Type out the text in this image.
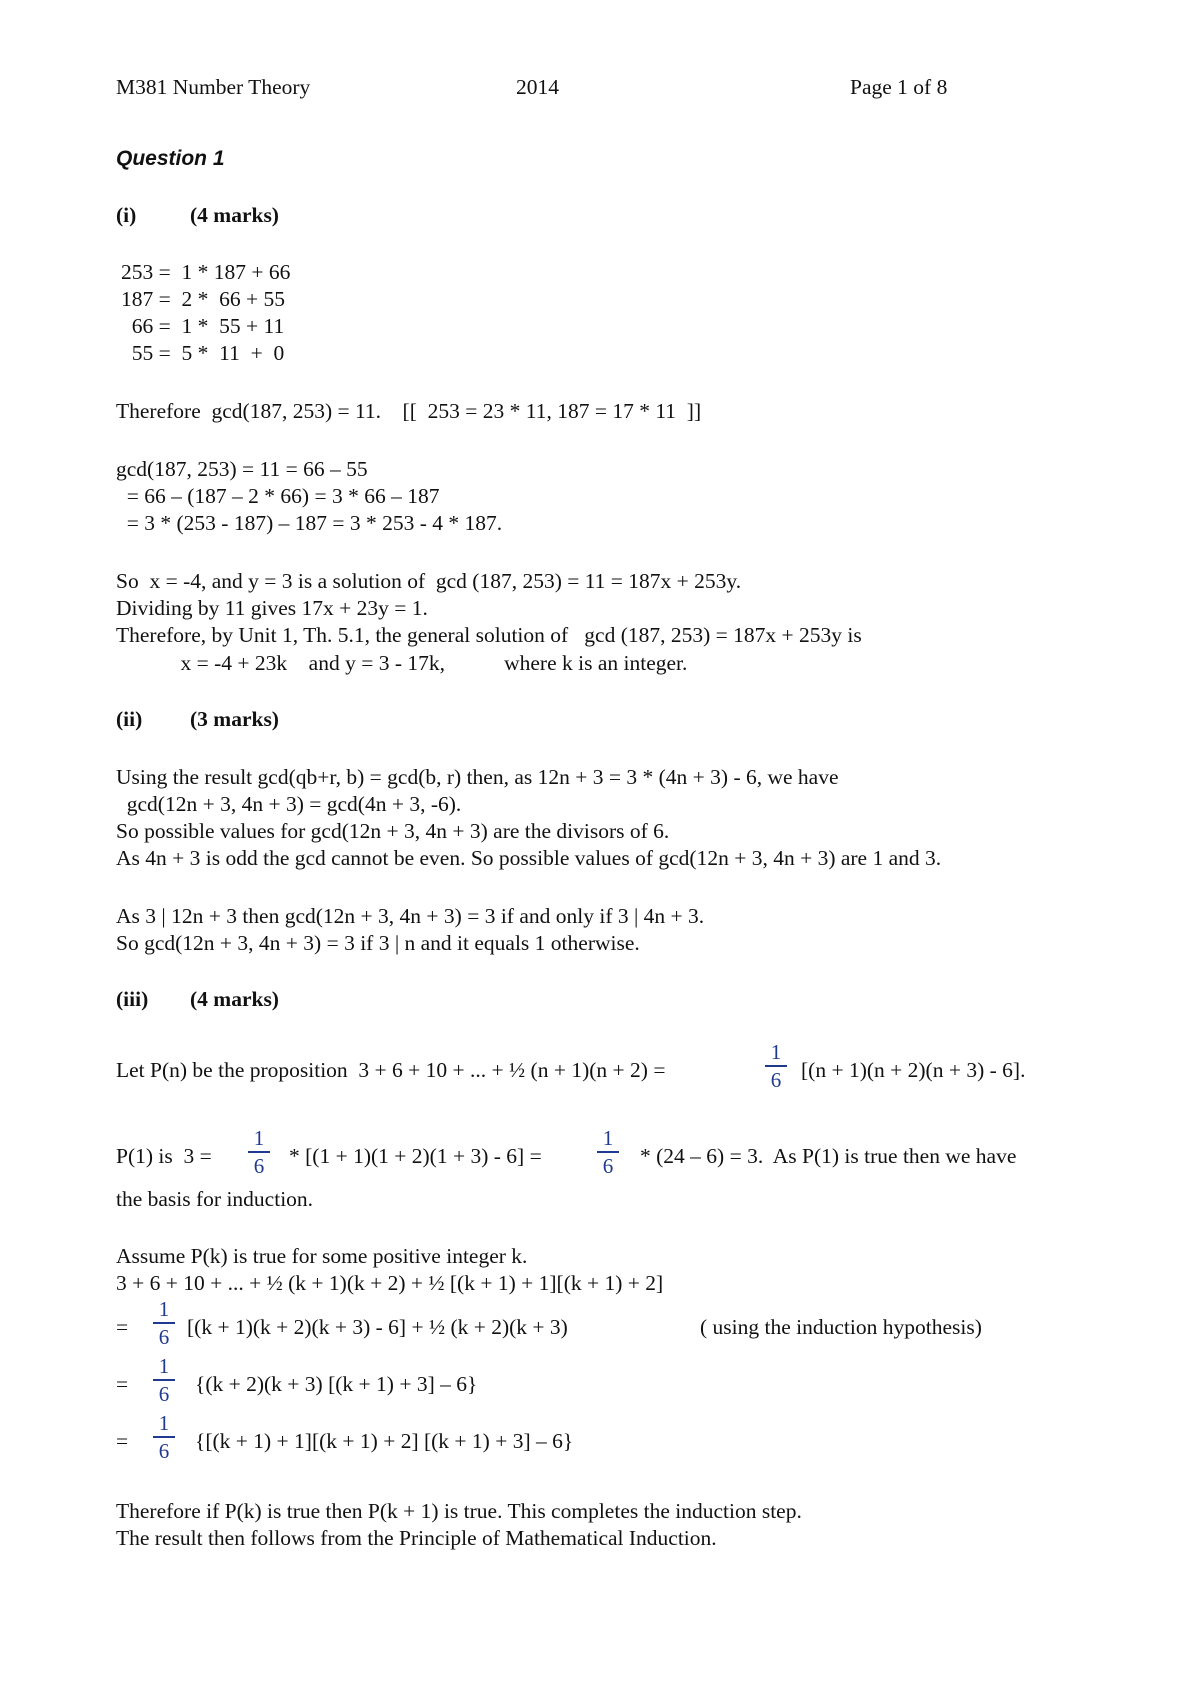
M381 Number Theory	2014	Page 1 of 8
Question 1
(i) (4 marks)
253 =  1 * 187 + 66
187 =  2 *  66 + 55
66 =  1 *  55 + 11
55 =  5 *  11  +  0
Therefore  gcd(187, 253) = 11.    [[  253 = 23 * 11, 187 = 17 * 11  ]]
gcd(187, 253) = 11 = 66 – 55
= 66 – (187 – 2 * 66) = 3 * 66 – 187
= 3 * (253 - 187) – 187 = 3 * 253 - 4 * 187.
So  x = -4, and y = 3 is a solution of  gcd (187, 253) = 11 = 187x + 253y.
Dividing by 11 gives 17x + 23y = 1.
Therefore, by Unit 1, Th. 5.1, the general solution of   gcd (187, 253) = 187x + 253y is
x = -4 + 23k    and y = 3 - 17k,           where k is an integer.
(ii) (3 marks)
Using the result gcd(qb+r, b) = gcd(b, r) then, as 12n + 3 = 3 * (4n + 3) - 6, we have
gcd(12n + 3, 4n + 3) = gcd(4n + 3, -6).
So possible values for gcd(12n + 3, 4n + 3) are the divisors of 6.
As 4n + 3 is odd the gcd cannot be even. So possible values of gcd(12n + 3, 4n + 3) are 1 and 3.
As 3 | 12n + 3 then gcd(12n + 3, 4n + 3) = 3 if and only if 3 | 4n + 3.
So gcd(12n + 3, 4n + 3) = 3 if 3 | n and it equals 1 otherwise.
(iii) (4 marks)
Let P(n) be the proposition  3 + 6 + 10 + ... + ½ (n + 1)(n + 2) =
1
6 [(n + 1)(n + 2)(n + 3) - 6].
P(1) is  3 =
1
6 * [(1 + 1)(1 + 2)(1 + 3) - 6] =
1
6 * (24 – 6) = 3.  As P(1) is true then we have
the basis for induction.
Assume P(k) is true for some positive integer k.
3 + 6 + 10 + ... + ½ (k + 1)(k + 2) + ½ [(k + 1) + 1][(k + 1) + 2]
=
1
6 [(k + 1)(k + 2)(k + 3) - 6] + ½ (k + 2)(k + 3)	( using the induction hypothesis)
=
1
6 {(k + 2)(k + 3) [(k + 1) + 3] – 6}
=
1
6 {[(k + 1) + 1][(k + 1) + 2] [(k + 1) + 3] – 6}
Therefore if P(k) is true then P(k + 1) is true. This completes the induction step.
The result then follows from the Principle of Mathematical Induction.
